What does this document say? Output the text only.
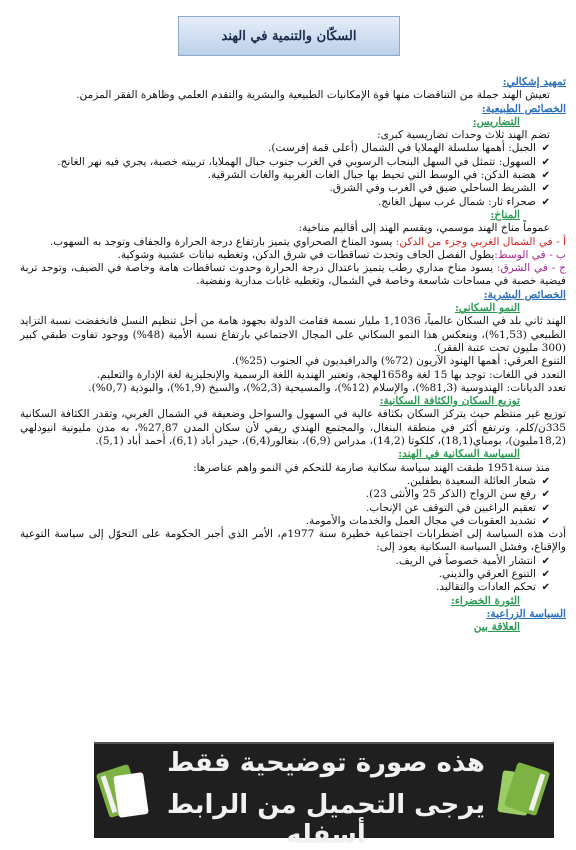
السكّان والتنمية في الهند
تمهيد إشكالي:

تعيش الهند جملة من التناقضات منها قوة الإمكانيات الطبيعية والبشرية والتقدم العلمي وظاهرة الفقر المزمن.

الخصائص الطبيعية:
التضاريس:

تضم الهند ثلاث وحدات تضاريسية كبرى:

✔ الجبل: أهمها سلسلة الهملايا في الشمال (أعلى قمة إفرست).
✔ السهول: تتمثل في السهل البنجاب الرسوبي في الغرب جنوب جبال الهملايا، تربيته خصبة، يجري فيه نهر الغانج.
✔ هضبة الدكن: في الوسط التي تحيط بها جبال الغات الغربية والغات الشرقية.
✔ الشريط الساحلي ضيق في الغرب وفي الشرق.
✔ صحراء ثار: شمال غرب سهل الغانج.
المناخ:

عموماً مناخ الهند موسمي، ويقسم الهند إلى أقاليم مناخية:

أ - في الشمال الغربي وجزء من الدكن: يسود المناخ الصحراوي يتميز بارتفاع درجة الحرارة والجفاف وتوجد به السهوب.

ب - في الوسط:يطول الفصل الجاف وتحدث تساقطات في شرق الدكن، وتغطيه نباتات عشبية وشوكية.

ج - في الشرق: يسود مناخ مداري رطب يتميز باعتدال درجة الحرارة وحدوث تساقطات هامة وخاصة في الصيف، وتوجد تربة فيضية خصبة في مساحات شاسعة وخاصة في الشمال، وتغطيه غابات مدارية ونفضية.

الخصائص البشرية:
النمو السكاني:

الهند ثاني بلد في السكان عالمياً، 1,1036 مليار نسمة فقامت الدولة بجهود هامة من أجل تنظيم النسل فانخفضت نسبة التزايد الطبيعي (1,53%)، وينعكس هذا النمو السكاني على المجال الاجتماعي بارتفاع نسبة الأمية (48%) ووجود تفاوت طبقي كبير (300 مليون تحت عتبة الفقر).

التنوع العرقي: أهمها الهنود الآريون (72%) والدرافيديون في الجنوب (25%).

التعدد في اللغات: توجد بها 15 لغة و1658لهجة، وتعتبر الهندية اللغة الرسمية والإنجليزية لغة الإدارة والتعليم.

تعدد الديانات: الهندوسية (81,3%)، والإسلام (12%)، والمسيحية (2,3%)، والسيخ (1,9%)، والبوذية (0,7%).

توزيع السكان والكثافة السكانية:

توزيع غير منتظم حيث يتركز السكان بكثافة عالية في السهول والسواحل وضعيفة في الشمال الغربي، وتقدر الكثافة السكانية 335ن/كلم، وترتفع أكثر في منطقة البنغال، والمجتمع الهندي ريفي لأن سكان المدن 27,87%، به مدن مليونية انيودلهي (18,2مليون)، بومباي(18,1)، كلكوتا (14,2)، مدراس (6,9)، بنغالور(6,4)، حيدر أباد (6,1)، أحمد أباد (5,1).

السياسة السكانية في الهند:

منذ سنة1951 طبقت الهند سياسة سكانية صارمة للتحكم في النمو واهم عناصرها:

✔ شعار العائلة السعيدة بطفلين.
✔ رفع سن الزواج (الذكر 25 والأنثى 23).
✔ تعقيم الراغبين في التوقف عن الإنجاب.
✔ تشديد العقوبات في مجال العمل والخدمات والأمومة.

أدت هذه السياسة إلى اضطرابات اجتماعية خطيرة سنة 1977م، الأمر الذي أجبر الحكومة على التحوّل إلى سياسة التوعية والإقناع، وفشل السياسة السكانية يعود إلى:

✔ انتشار الأمية خصوصاً في الريف.
✔ التنوع العرقي والديني.
✔ تحكم العادات والتقاليد.
الثورة الخضراء:
السياسة الزراعية:
العلاقة بين
هذه صورة توضيحية فقط
يرجى التحميل من الرابط أسفله
